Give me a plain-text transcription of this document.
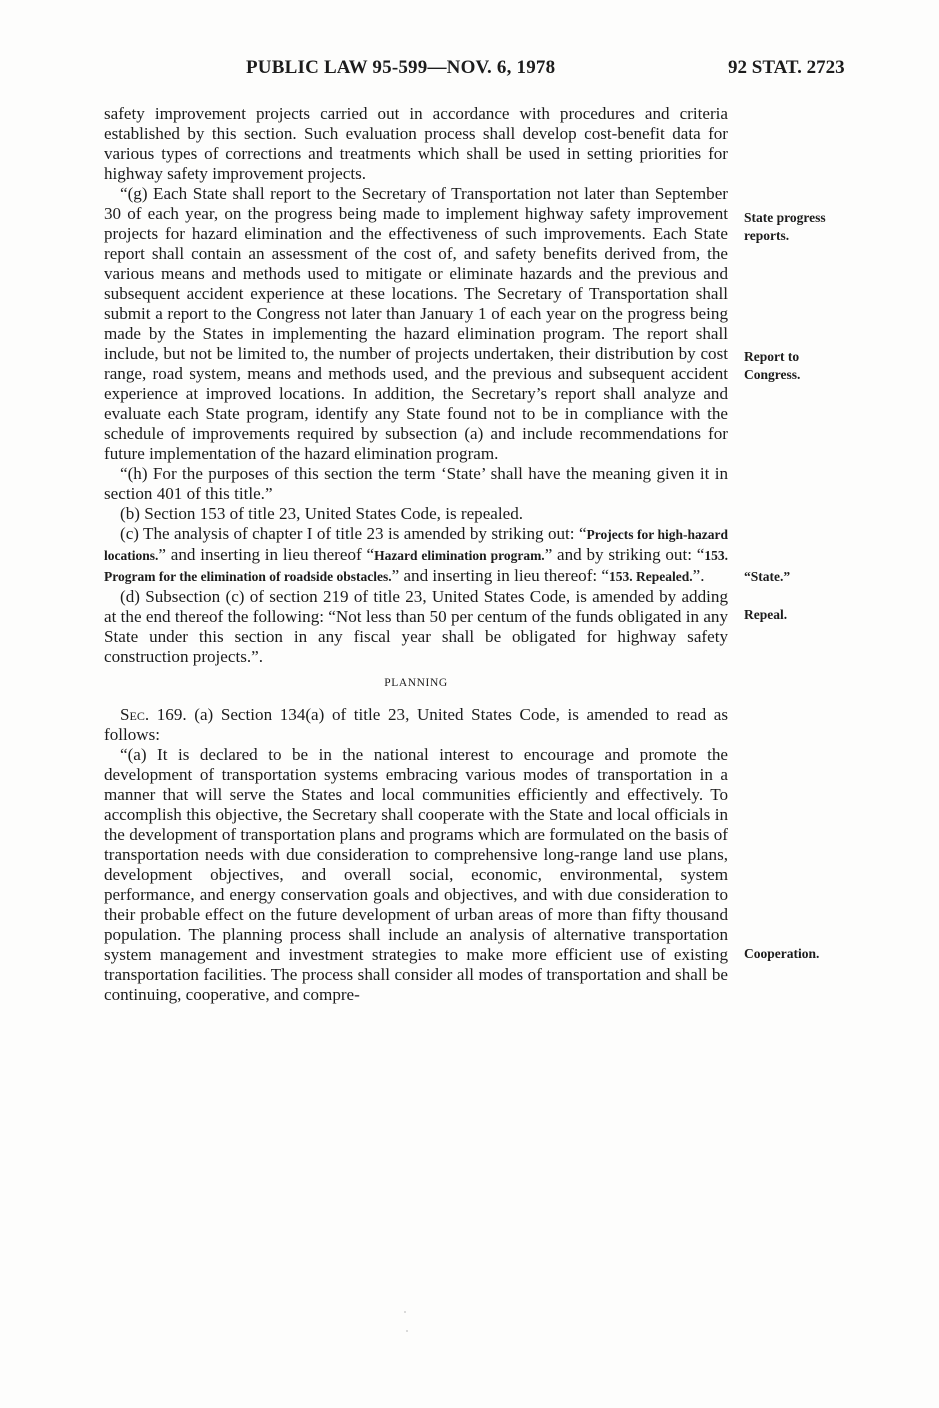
PUBLIC LAW 95-599—NOV. 6, 1978	92 STAT. 2723

safety improvement projects carried out in accordance with procedures and criteria established by this section. Such evaluation process shall develop cost-benefit data for various types of corrections and treatments which shall be used in setting priorities for highway safety improvement projects.

“(g) Each State shall report to the Secretary of Transportation not later than September 30 of each year, on the progress being made to implement highway safety improvement projects for hazard elimination and the effectiveness of such improvements. Each State report shall contain an assessment of the cost of, and safety benefits derived from, the various means and methods used to mitigate or eliminate hazards and the previous and subsequent accident experience at these locations. The Secretary of Transportation shall submit a report to the Congress not later than January 1 of each year on the progress being made by the States in implementing the hazard elimination program. The report shall include, but not be limited to, the number of projects undertaken, their distribution by cost range, road system, means and methods used, and the previous and subsequent accident experience at improved locations. In addition, the Secretary’s report shall analyze and evaluate each State program, identify any State found not to be in compliance with the schedule of improvements required by subsection (a) and include recommendations for future implementation of the hazard elimination program.

“(h) For the purposes of this section the term ‘State’ shall have the meaning given it in section 401 of this title.”

(b) Section 153 of title 23, United States Code, is repealed.

(c) The analysis of chapter I of title 23 is amended by striking out: “Projects for high-hazard locations.” and inserting in lieu thereof “Hazard elimination program.” and by striking out: “153. Program for the elimination of roadside obstacles.” and inserting in lieu thereof: “153. Repealed.”.

(d) Subsection (c) of section 219 of title 23, United States Code, is amended by adding at the end thereof the following: “Not less than 50 per centum of the funds obligated in any State under this section in any fiscal year shall be obligated for highway safety construction projects.”.

PLANNING

Sec. 169. (a) Section 134(a) of title 23, United States Code, is amended to read as follows:

“(a) It is declared to be in the national interest to encourage and promote the development of transportation systems embracing various modes of transportation in a manner that will serve the States and local communities efficiently and effectively. To accomplish this objective, the Secretary shall cooperate with the State and local officials in the development of transportation plans and programs which are formulated on the basis of transportation needs with due consideration to comprehensive long-range land use plans, development objectives, and overall social, economic, environmental, system performance, and energy conservation goals and objectives, and with due consideration to their probable effect on the future development of urban areas of more than fifty thousand population. The planning process shall include an analysis of alternative transportation system management and investment strategies to make more efficient use of existing transportation facilities. The process shall consider all modes of transportation and shall be continuing, cooperative, and compre-

State progress
reports.
Report to
Congress.
“State.”
Repeal.
Cooperation.
